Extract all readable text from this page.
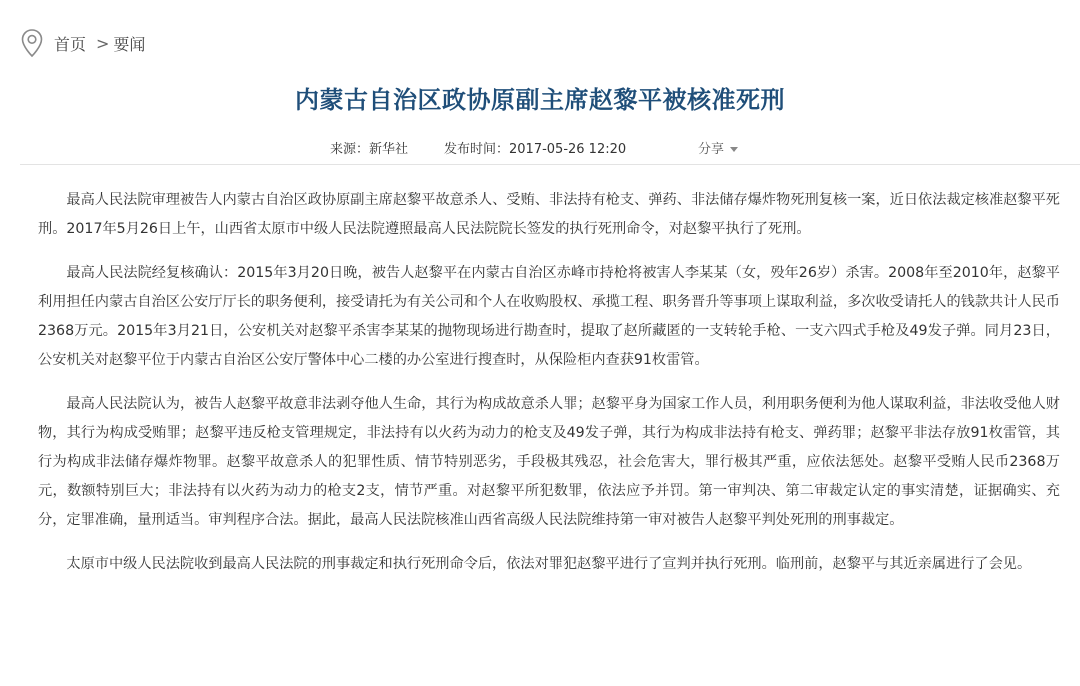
首页 > 要闻
内蒙古自治区政协原副主席赵黎平被核准死刑
来源：新华社	发布时间：2017-05-26 12:20	分享

最高人民法院审理被告人内蒙古自治区政协原副主席赵黎平故意杀人、受贿、非法持有枪支、弹药、非法储存爆炸物死刑复核一案，近日依法裁定核准赵黎平死刑。2017年5月26日上午，山西省太原市中级人民法院遵照最高人民法院院长签发的执行死刑命令，对赵黎平执行了死刑。

最高人民法院经复核确认：2015年3月20日晚，被告人赵黎平在内蒙古自治区赤峰市持枪将被害人李某某（女，殁年26岁）杀害。2008年至2010年，赵黎平利用担任内蒙古自治区公安厅厅长的职务便利，接受请托为有关公司和个人在收购股权、承揽工程、职务晋升等事项上谋取利益，多次收受请托人的钱款共计人民币2368万元。2015年3月21日，公安机关对赵黎平杀害李某某的抛物现场进行勘查时，提取了赵所藏匿的一支转轮手枪、一支六四式手枪及49发子弹。同月23日，公安机关对赵黎平位于内蒙古自治区公安厅警体中心二楼的办公室进行搜查时，从保险柜内查获91枚雷管。

最高人民法院认为，被告人赵黎平故意非法剥夺他人生命，其行为构成故意杀人罪；赵黎平身为国家工作人员，利用职务便利为他人谋取利益，非法收受他人财物，其行为构成受贿罪；赵黎平违反枪支管理规定，非法持有以火药为动力的枪支及49发子弹，其行为构成非法持有枪支、弹药罪；赵黎平非法存放91枚雷管，其行为构成非法储存爆炸物罪。赵黎平故意杀人的犯罪性质、情节特别恶劣，手段极其残忍，社会危害大，罪行极其严重，应依法惩处。赵黎平受贿人民币2368万元，数额特别巨大；非法持有以火药为动力的枪支2支，情节严重。对赵黎平所犯数罪，依法应予并罚。第一审判决、第二审裁定认定的事实清楚，证据确实、充分，定罪准确，量刑适当。审判程序合法。据此，最高人民法院核准山西省高级人民法院维持第一审对被告人赵黎平判处死刑的刑事裁定。

太原市中级人民法院收到最高人民法院的刑事裁定和执行死刑命令后，依法对罪犯赵黎平进行了宣判并执行死刑。临刑前，赵黎平与其近亲属进行了会见。
